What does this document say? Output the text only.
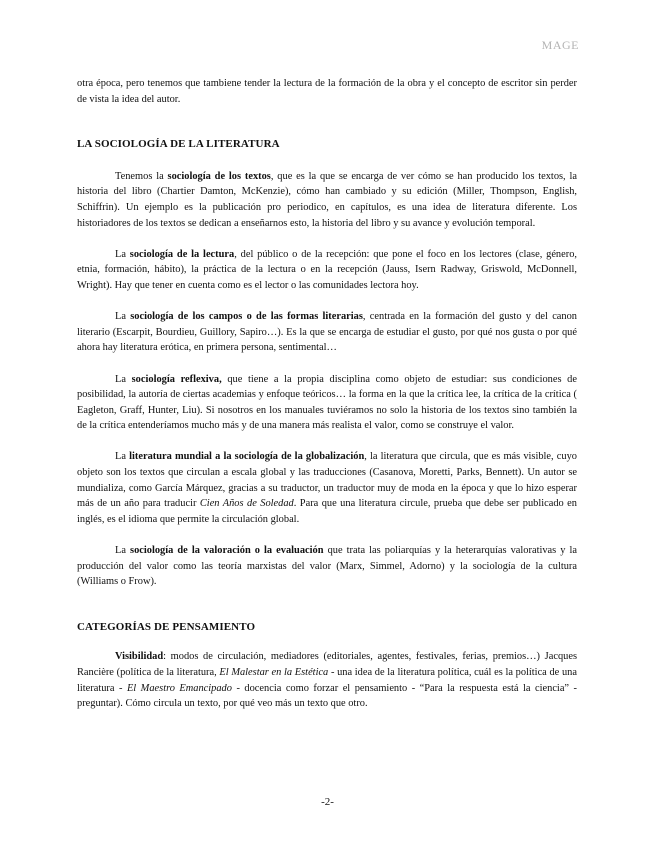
MAGE

otra época, pero tenemos que tambiene tender la lectura de la formación de la obra y el concepto de escritor sin perder de vista la idea del autor.

LA SOCIOLOGÍA DE LA LITERATURA

Tenemos la sociología de los textos, que es la que se encarga de ver cómo se han producido los textos, la historia del libro (Chartier Damton, McKenzie), cómo han cambiado y su edición (Miller, Thompson, English, Schiffrin). Un ejemplo es la publicación pro periodico, en capítulos, es una idea de literatura diferente. Los historiadores de los textos se dedican a enseñarnos esto, la historia del libro y su avance y evolución temporal.

La sociología de la lectura, del público o de la recepción: que pone el foco en los lectores (clase, género, etnia, formación, hábito), la práctica de la lectura o en la recepción (Jauss, Isern Radway, Griswold, McDonnell, Wright). Hay que tener en cuenta como es el lector o las comunidades lectora hoy.

La sociología de los campos o de las formas literarias, centrada en la formación del gusto y del canon literario (Escarpit, Bourdieu, Guillory, Sapiro…). Es la que se encarga de estudiar el gusto, por qué nos gusta o por qué ahora hay literatura erótica, en primera persona, sentimental…

La sociología reflexiva, que tiene a la propia disciplina como objeto de estudiar: sus condiciones de posibilidad, la autoría de ciertas academias y enfoque teóricos… la forma en la que la crítica lee, la crítica de la crítica ( Eagleton, Graff, Hunter, Liu). Si nosotros en los manuales tuviéramos no solo la historia de los textos sino también la de la crítica entenderíamos mucho más y de una manera más realista el valor, como se construye el valor.

La literatura mundial a la sociología de la globalización, la literatura que circula, que es más visible, cuyo objeto son los textos que circulan a escala global y las traducciones (Casanova, Moretti, Parks, Bennett). Un autor se mundializa, como García Márquez, gracias a su traductor, un traductor muy de moda en la época y que lo hizo esperar más de un año para traducir Cien Años de Soledad. Para que una literatura circule, prueba que debe ser publicado en inglés, es el idioma que permite la circulación global.

La sociología de la valoración o la evaluación que trata las poliarquías y la heterarquías valorativas y la producción del valor como las teoría marxistas del valor (Marx, Simmel, Adorno) y la sociología de la cultura (Williams o Frow).

CATEGORÍAS DE PENSAMIENTO

Visibilidad: modos de circulación, mediadores (editoriales, agentes, festivales, ferias, premios…) Jacques Rancière (política de la literatura, El Malestar en la Estética - una idea de la literatura política, cuál es la política de una literatura - El Maestro Emancipado - docencia como forzar el pensamiento - “Para la respuesta está la ciencia” - preguntar). Cómo circula un texto, por qué veo más un texto que otro.

-2-
